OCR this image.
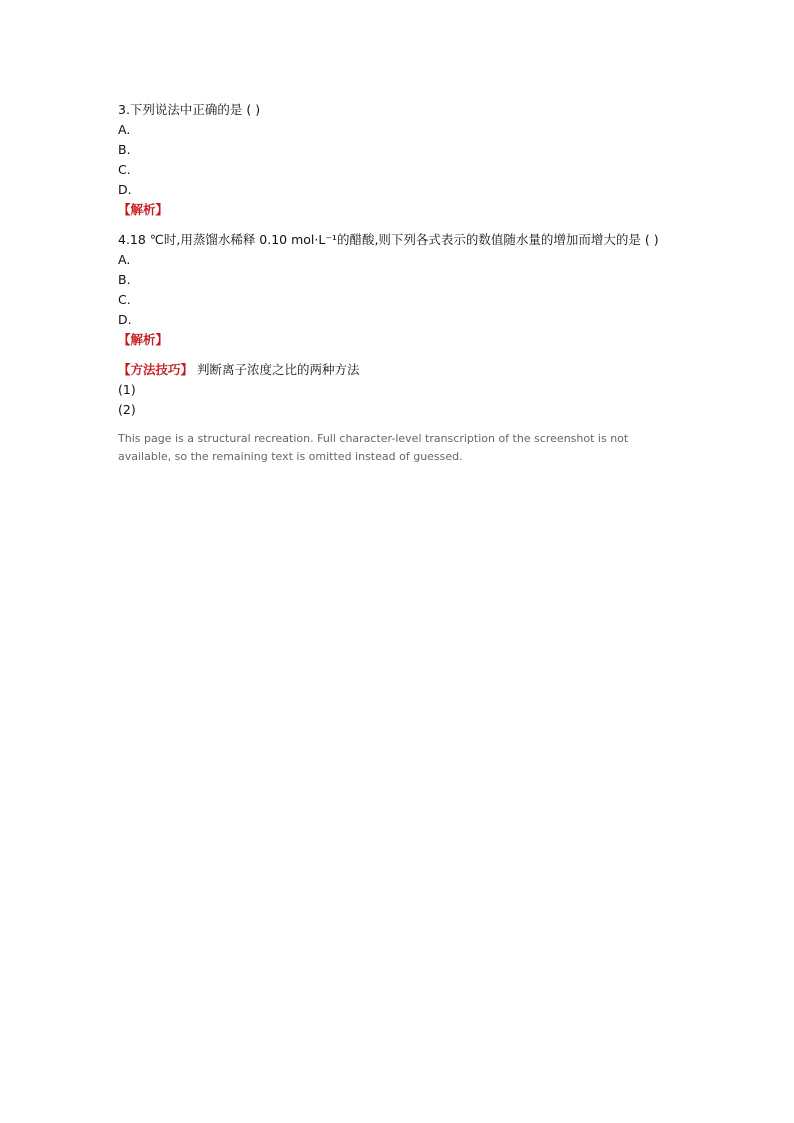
3.下列说法中正确的是 ( )
A.
B.
C.
D.
【解析】
4.18 ℃时,用蒸馏水稀释 0.10 mol·L⁻¹的醋酸,则下列各式表示的数值随水量的增加而增大的是 ( )
A.
B.
C.
D.
【解析】
【方法技巧】 判断离子浓度之比的两种方法
(1)
(2)
This page is a structural recreation. Full character-level transcription of the screenshot is not available, so the remaining text is omitted instead of guessed.
